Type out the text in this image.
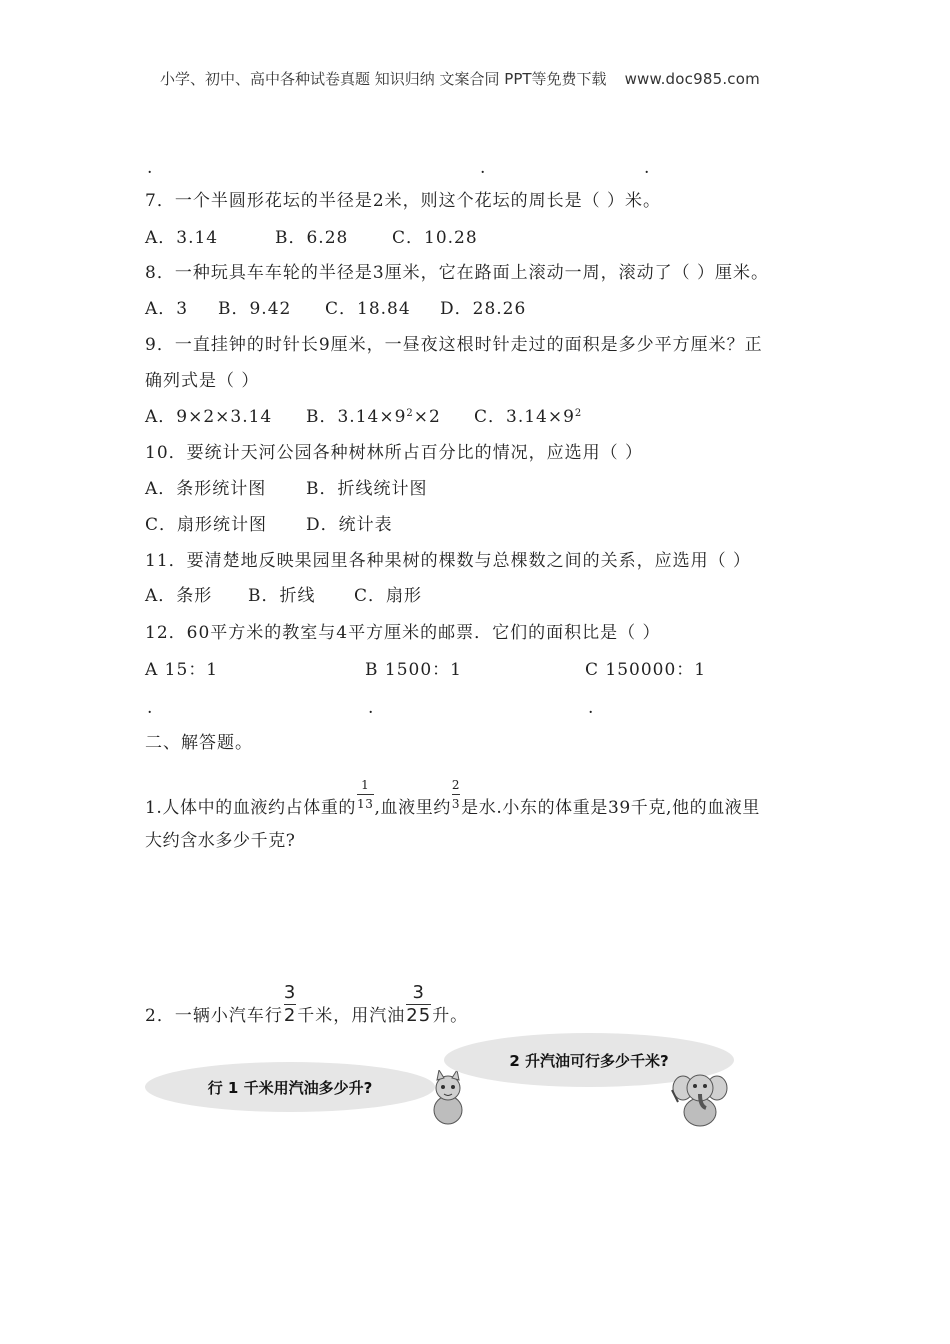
小学、初中、高中各种试卷真题 知识归纳 文案合同 PPT等免费下载 www.doc985.com
.	.	.
7．一个半圆形花坛的半径是2米，则这个花坛的周长是（ ）米。
A．3.14	B．6.28	C．10.28
8．一种玩具车车轮的半径是3厘米，它在路面上滚动一周，滚动了（ ）厘米。
A．3 B．9.42 C．18.84 D．28.26
9．一直挂钟的时针长9厘米，一昼夜这根时针走过的面积是多少平方厘米？正
确列式是（ ）
A．9×2×3.14 B．$3.14\times 9^2\times 2$ C．$3.14\times 9^2$
10．要统计天河公园各种树林所占百分比的情况，应选用（ ）
A．条形统计图 B．折线统计图
C．扇形统计图 D．统计表
11．要清楚地反映果园里各种果树的棵数与总棵数之间的关系，应选用（ ）
A．条形 B．折线 C．扇形
12．60平方米的教室与4平方厘米的邮票．它们的面积比是（ ）
A 15：1	B 1500：1	C 150000：1
.	.	.
二、解答题。
1.人体中的血液约占体重的 $\frac{1}{13}$ ,血液里约 $\frac{2}{3}$ 是水.小东的体重是39千克,他的血液里
大约含水多少千克?
2．一辆小汽车行 $\frac{3}{2}$ 千米，用汽油 $\frac{3}{25}$ 升。
行 1 千米用汽油多少升?
2 升汽油可行多少千米?
